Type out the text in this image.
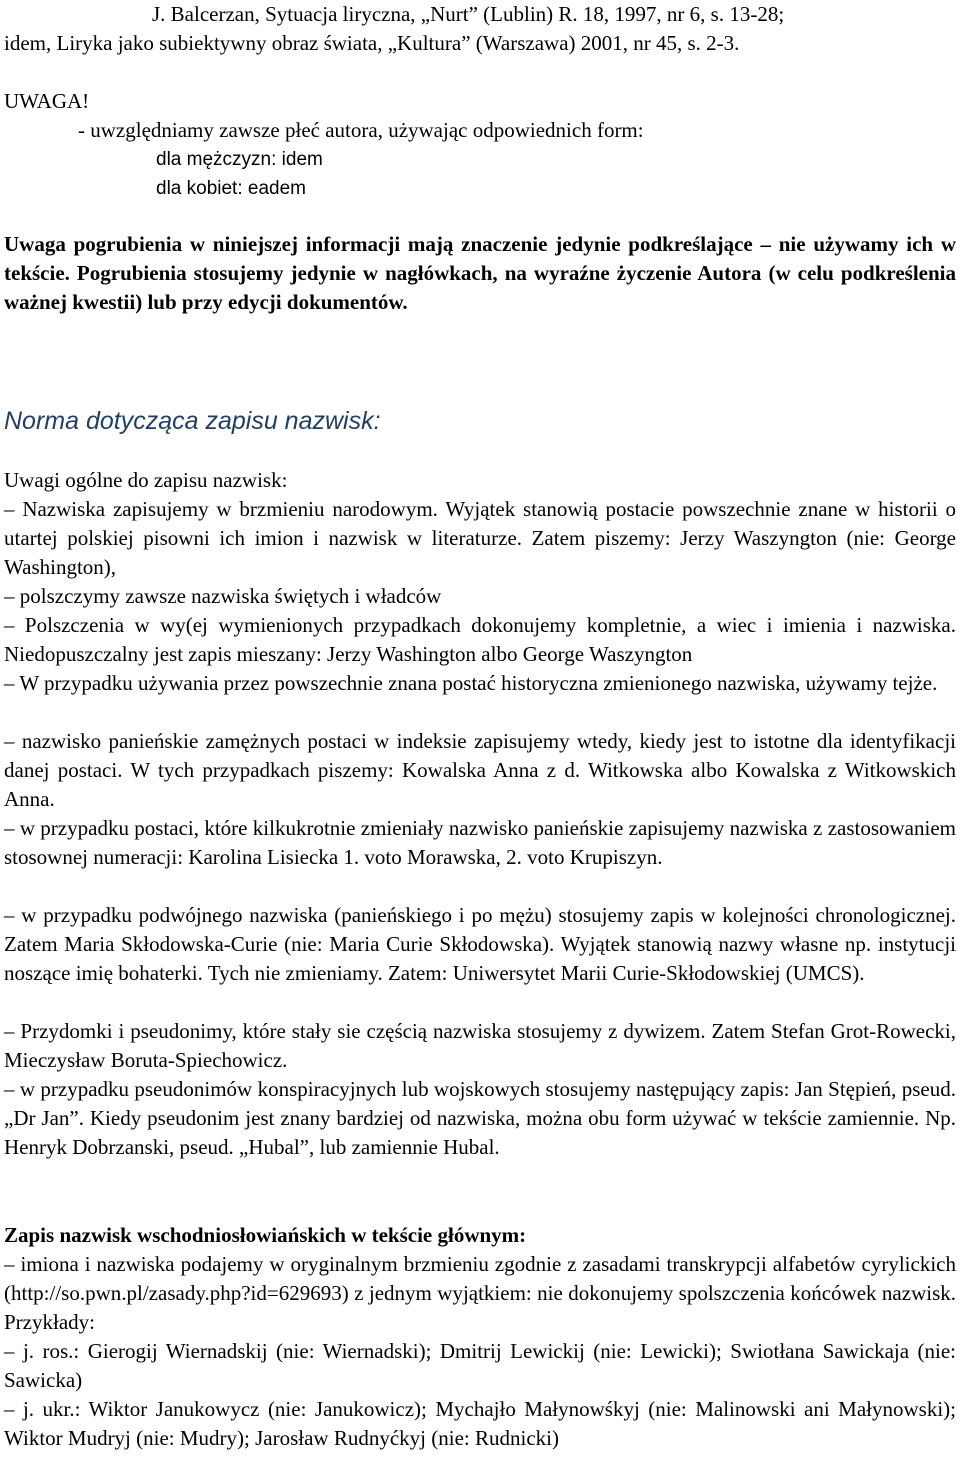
J. Balcerzan, Sytuacja liryczna, „Nurt” (Lublin) R. 18, 1997, nr 6, s. 13-28;
idem, Liryka jako subiektywny obraz świata, „Kultura” (Warszawa) 2001, nr 45, s. 2-3.
UWAGA!
- uwzględniamy zawsze płeć autora, używając odpowiednich form:
dla mężczyzn: idem
dla kobiet: eadem
Uwaga pogrubienia w niniejszej informacji mają znaczenie jedynie podkreślające – nie używamy ich w tekście. Pogrubienia stosujemy jedynie w nagłówkach, na wyraźne życzenie Autora (w celu podkreślenia ważnej kwestii) lub przy edycji dokumentów.
Norma dotycząca zapisu nazwisk:
Uwagi ogólne do zapisu nazwisk:
– Nazwiska zapisujemy w brzmieniu narodowym. Wyjątek stanowią postacie powszechnie znane w historii o utartej polskiej pisowni ich imion i nazwisk w literaturze. Zatem piszemy: Jerzy Waszyngton (nie: George Washington),
– polszczymy zawsze nazwiska świętych i władców
– Polszczenia w wy(ej wymienionych przypadkach dokonujemy kompletnie, a wiec i imienia i nazwiska. Niedopuszczalny jest zapis mieszany: Jerzy Washington albo George Waszyngton
– W przypadku używania przez powszechnie znana postać historyczna zmienionego nazwiska, używamy tejże.
– nazwisko panieńskie zamężnych postaci w indeksie zapisujemy wtedy, kiedy jest to istotne dla identyfikacji danej postaci. W tych przypadkach piszemy: Kowalska Anna z d. Witkowska albo Kowalska z Witkowskich Anna.
– w przypadku postaci, które kilkukrotnie zmieniały nazwisko panieńskie zapisujemy nazwiska z zastosowaniem stosownej numeracji: Karolina Lisiecka 1. voto Morawska, 2. voto Krupiszyn.
– w przypadku podwójnego nazwiska (panieńskiego i po mężu) stosujemy zapis w kolejności chronologicznej. Zatem Maria Skłodowska-Curie (nie: Maria Curie Skłodowska). Wyjątek stanowią nazwy własne np. instytucji noszące imię bohaterki. Tych nie zmieniamy. Zatem: Uniwersytet Marii Curie-Skłodowskiej (UMCS).
– Przydomki i pseudonimy, które stały sie częścią nazwiska stosujemy z dywizem. Zatem Stefan Grot-Rowecki, Mieczysław Boruta-Spiechowicz.
– w przypadku pseudonimów konspiracyjnych lub wojskowych stosujemy następujący zapis: Jan Stępień, pseud. „Dr Jan”. Kiedy pseudonim jest znany bardziej od nazwiska, można obu form używać w tekście zamiennie. Np. Henryk Dobrzanski, pseud. „Hubal”, lub zamiennie Hubal.
Zapis nazwisk wschodniosłowiańskich w tekście głównym:
– imiona i nazwiska podajemy w oryginalnym brzmieniu zgodnie z zasadami transkrypcji alfabetów cyrylickich (http://so.pwn.pl/zasady.php?id=629693) z jednym wyjątkiem: nie dokonujemy spolszczenia końcówek nazwisk. Przykłady:
– j. ros.: Gierogij Wiernadskij (nie: Wiernadski); Dmitrij Lewickij (nie: Lewicki); Swiotłana Sawickaja (nie: Sawicka)
– j. ukr.: Wiktor Janukowycz (nie: Janukowicz); Mychajło Małynowśkyj (nie: Malinowski ani Małynowski); Wiktor Mudryj (nie: Mudry); Jarosław Rudnyćkyj (nie: Rudnicki)
